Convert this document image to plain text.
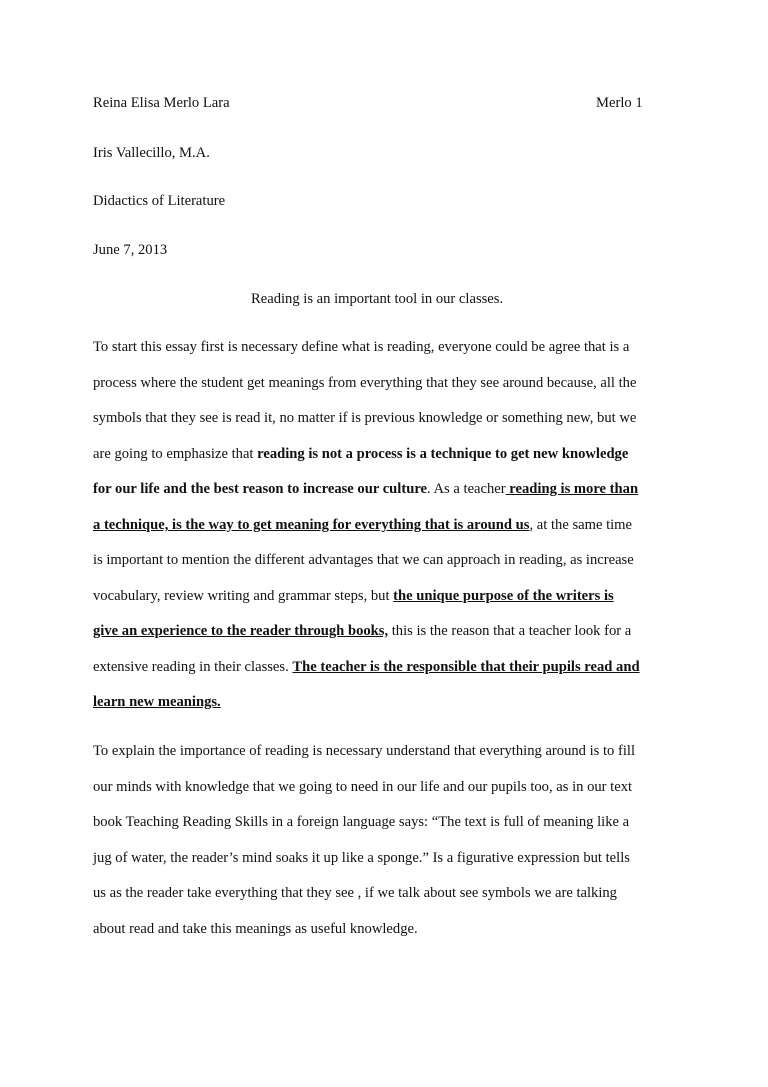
Reina Elisa Merlo Lara	Merlo 1
Iris Vallecillo, M.A.
Didactics of Literature
June 7, 2013
Reading is an important tool in our classes.
To start this essay first is necessary define what is reading, everyone could be agree that is a
process where the student get meanings from everything that they see around because, all the
symbols that they see is read it, no matter if is previous knowledge or something new, but we
are going to emphasize that reading is not a process is a technique to get new knowledge
for our life and the best reason to increase our culture. As a teacher reading is more than
a technique, is the way to get meaning for everything that is around us, at the same time
is important to mention the different advantages that we can approach in reading, as increase
vocabulary, review writing and grammar steps, but the unique purpose of the writers is
give an experience to the reader through books, this is the reason that a teacher look for a
extensive reading in their classes. The teacher is the responsible that their pupils read and
learn new meanings.
To explain the importance of reading is necessary understand that everything around is to fill
our minds with knowledge that we going to need in our life and our pupils too, as in our text
book Teaching Reading Skills in a foreign language says: “The text is full of meaning like a
jug of water, the reader’s mind soaks it up like a sponge.” Is a figurative expression but tells
us as the reader take everything that they see , if we talk about see symbols we are talking
about read and take this meanings as useful knowledge.
